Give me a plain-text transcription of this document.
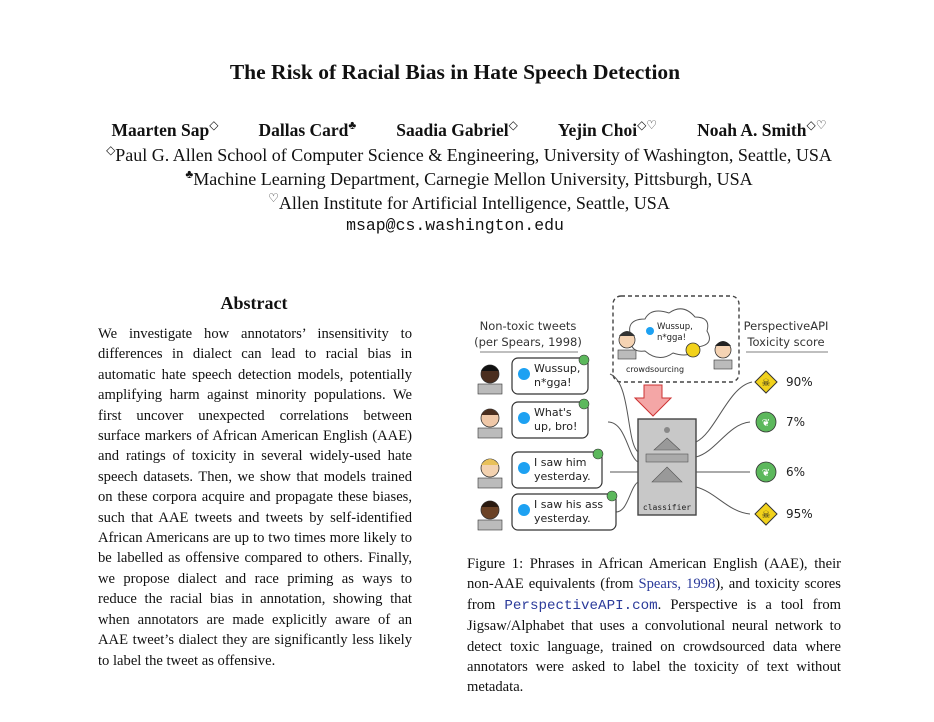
The Risk of Racial Bias in Hate Speech Detection
Maarten Sap◇ Dallas Card♣ Saadia Gabriel◇ Yejin Choi◇♡ Noah A. Smith◇♡
◇Paul G. Allen School of Computer Science & Engineering, University of Washington, Seattle, USA
♣Machine Learning Department, Carnegie Mellon University, Pittsburgh, USA
♡Allen Institute for Artificial Intelligence, Seattle, USA
msap@cs.washington.edu
Abstract

We investigate how annotators’ insensitivity to differences in dialect can lead to racial bias in automatic hate speech detection models, potentially amplifying harm against minority populations. We first uncover unexpected correlations between surface markers of African American English (AAE) and ratings of toxicity in several widely-used hate speech datasets. Then, we show that models trained on these corpora acquire and propagate these biases, such that AAE tweets and tweets by self-identified African Americans are up to two times more likely to be labelled as offensive compared to others. Finally, we propose dialect and race priming as ways to reduce the racial bias in annotation, showing that when annotators are made explicitly aware of an AAE tweet’s dialect they are significantly less likely to label the tweet as offensive.

Wussup,
n*gga!
crowdsourcing
Non-toxic tweets
(per Spears, 1998)
PerspectiveAPI
Toxicity score
classifier
Wussup,
n*gga!	☠ 90%
What's
up, bro!	❦ 7%
I saw him
yesterday.	❦ 6%
I saw his ass
yesterday.	☠ 95%

Figure 1: Phrases in African American English (AAE), their non-AAE equivalents (from Spears, 1998), and toxicity scores from PerspectiveAPI.com. Perspective is a tool from Jigsaw/Alphabet that uses a convolutional neural network to detect toxic language, trained on crowdsourced data where annotators were asked to label the toxicity of text without metadata.
